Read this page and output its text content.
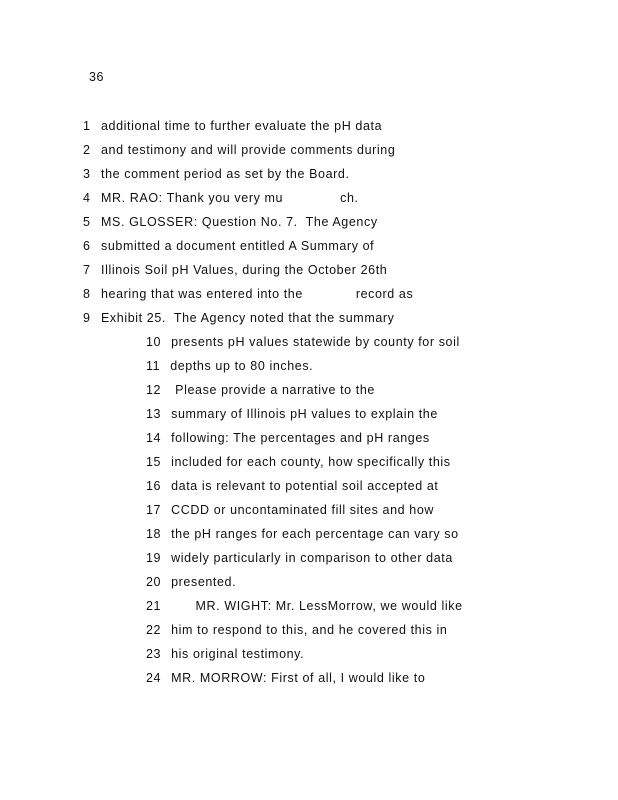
36
1 additional time to further evaluate the pH data
2 and testimony and will provide comments during
3 the comment period as set by the Board.
4 MR. RAO: Thank you very mu              ch.
5 MS. GLOSSER: Question No. 7.  The Agency
6 submitted a document entitled A Summary of
7 Illinois Soil pH Values, during the October 26th
8 hearing that was entered into the             record as
9 Exhibit 25.  The Agency noted that the summary
10 presents pH values statewide by county for soil
11 depths up to 80 inches.
12 Please provide a narrative to the
13 summary of Illinois pH values to explain the
14 following: The percentages and pH ranges
15 included for each county, how specifically this
16 data is relevant to potential soil accepted at
17 CCDD or uncontaminated fill sites and how
18 the pH ranges for each percentage can vary so
19 widely particularly in comparison to other data
20 presented.
21      MR. WIGHT: Mr. LessMorrow, we would like
22 him to respond to this, and he covered this in
23 his original testimony.
24 MR. MORROW: First of all, I would like to
